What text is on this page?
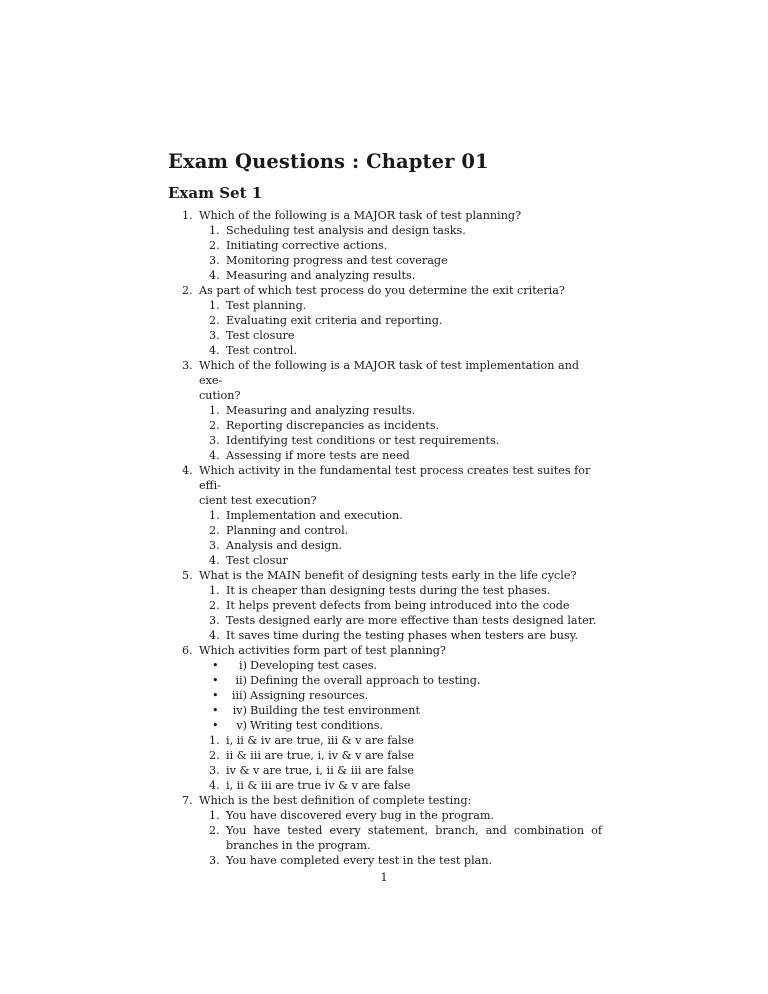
Exam Questions : Chapter 01
Exam Set 1
1. Which of the following is a MAJOR task of test planning?
1. Scheduling test analysis and design tasks.
2. Initiating corrective actions.
3. Monitoring progress and test coverage
4. Measuring and analyzing results.
2. As part of which test process do you determine the exit criteria?
1. Test planning.
2. Evaluating exit criteria and reporting.
3. Test closure
4. Test control.
3. Which of the following is a MAJOR task of test implementation and exe-
cution?
1. Measuring and analyzing results.
2. Reporting discrepancies as incidents.
3. Identifying test conditions or test requirements.
4. Assessing if more tests are need
4. Which activity in the fundamental test process creates test suites for effi-
cient test execution?
1. Implementation and execution.
2. Planning and control.
3. Analysis and design.
4. Test closur
5. What is the MAIN benefit of designing tests early in the life cycle?
1. It is cheaper than designing tests during the test phases.
2. It helps prevent defects from being introduced into the code
3. Tests designed early are more effective than tests designed later.
4. It saves time during the testing phases when testers are busy.
6. Which activities form part of test planning?
• i) Developing test cases.
• ii) Defining the overall approach to testing.
• iii) Assigning resources.
• iv) Building the test environment
• v) Writing test conditions.
1. i, ii & iv are true, iii & v are false
2. ii & iii are true, i, iv & v are false
3. iv & v are true, i, ii & iii are false
4. i, ii & iii are true iv & v are false
7. Which is the best definition of complete testing:
1. You have discovered every bug in the program.
2. You have tested every statement, branch, and combination of
branches in the program.
3. You have completed every test in the test plan.
1
